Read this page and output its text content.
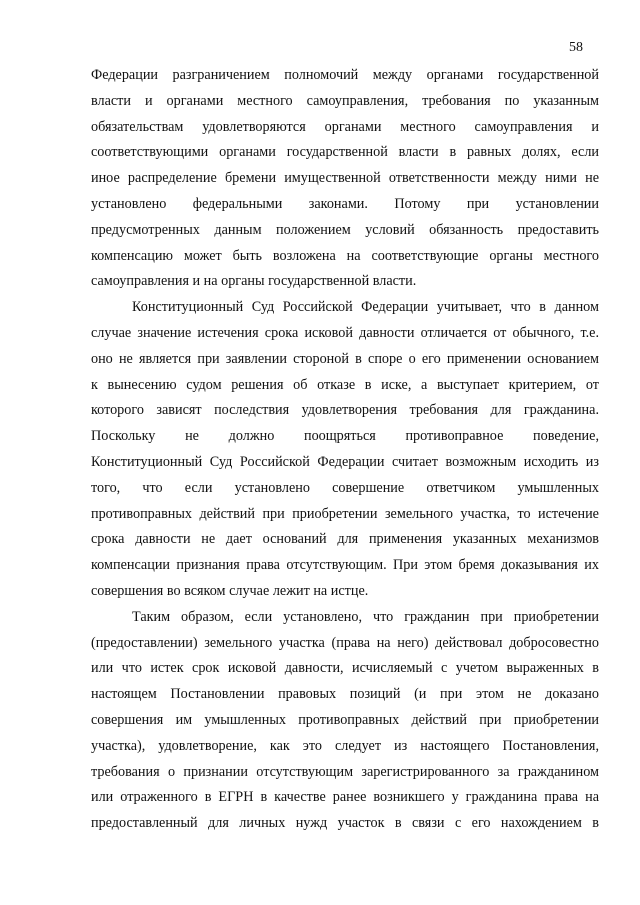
58
Федерации разграничением полномочий между органами государственной
власти и органами местного самоуправления, требования по указанным
обязательствам удовлетворяются органами местного самоуправления и
соответствующими органами государственной власти в равных долях, если
иное распределение бремени имущественной ответственности между ними не
установлено федеральными законами. Потому при установлении
предусмотренных данным положением условий обязанность предоставить
компенсацию может быть возложена на соответствующие органы местного
самоуправления и на органы государственной власти.
Конституционный Суд Российской Федерации учитывает, что в данном
случае значение истечения срока исковой давности отличается от обычного, т.е.
оно не является при заявлении стороной в споре о его применении основанием
к вынесению судом решения об отказе в иске, а выступает критерием, от
которого зависят последствия удовлетворения требования для гражданина.
Поскольку не должно поощряться противоправное поведение,
Конституционный Суд Российской Федерации считает возможным исходить из
того, что если установлено совершение ответчиком умышленных
противоправных действий при приобретении земельного участка, то истечение
срока давности не дает оснований для применения указанных механизмов
компенсации признания права отсутствующим. При этом бремя доказывания их
совершения во всяком случае лежит на истце.
Таким образом, если установлено, что гражданин при приобретении
(предоставлении) земельного участка (права на него) действовал добросовестно
или что истек срок исковой давности, исчисляемый с учетом выраженных в
настоящем Постановлении правовых позиций (и при этом не доказано
совершения им умышленных противоправных действий при приобретении
участка), удовлетворение, как это следует из настоящего Постановления,
требования о признании отсутствующим зарегистрированного за гражданином
или отраженного в ЕГРН в качестве ранее возникшего у гражданина права на
предоставленный для личных нужд участок в связи с его нахождением в
